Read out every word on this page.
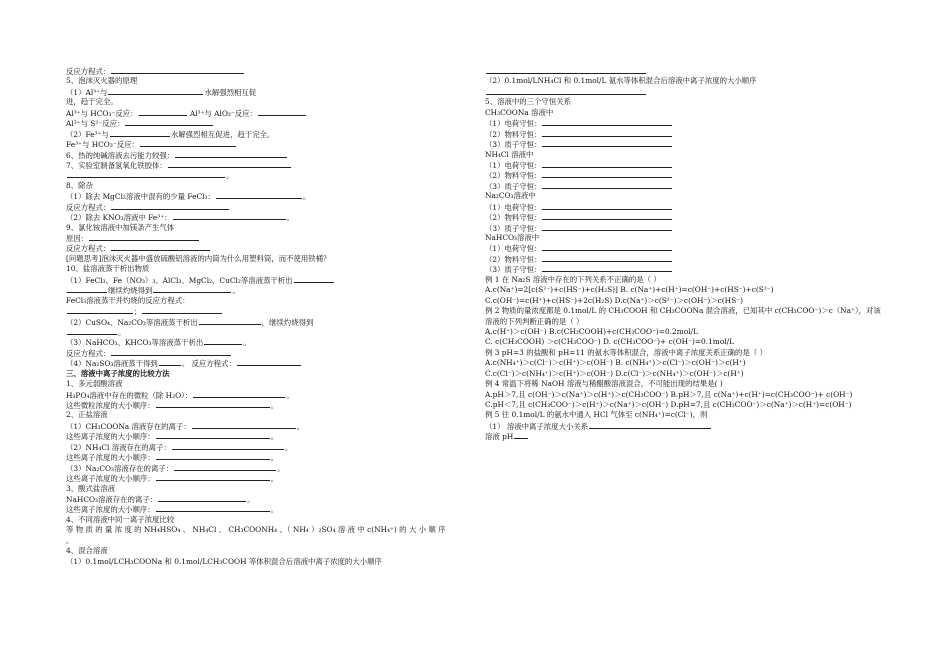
反应方程式：
5、泡沫灭火器的原理
（1）Al³⁺与	水解强烈相互促
进，趋于完全。
Al³⁺与 HCO₃⁻反应：	Al³⁺与 AlO₂⁻反应：
Al³⁺与 S²⁻反应：
（2）Fe³⁺与	水解强烈相互促进，趋于完全。
Fe³⁺与 HCO₃⁻反应：
6、热的纯碱溶液去污能力较强：
7、实验室制备氢氧化铁胶体：
。
8、除杂
（1）除去 MgCl₂溶液中混有的少量 FeCl₃：	。
反应方程式：
（2）除去 KNO₃溶液中 Fe³⁺：	。
9、氯化铵溶液中加镁条产生气体
原因：
反应方程式：
[问题思考]泡沫灭火器中盛放硫酸铝溶液的内筒为什么用塑料筒，而不使用铁桶？
10、盐溶液蒸干析出物质
（1）FeCl₃、Fe（NO₃）₃、AlCl₃、MgCl₂、CuCl₂等溶液蒸干析出
继续灼烧得到	。
FeCl₃溶液蒸干并灼烧的反应方程式：
；
（2）CuSO₄、Na₂CO₃等溶液蒸干析出	，继续灼烧得到
。
（3）NaHCO₃、KHCO₃等溶液蒸干析出	。
反应方程式：
（4）Na₂SO₃溶液蒸干得到	。 反应方程式：
三、溶液中离子浓度的比较方法
1、多元弱酸溶液
H₃PO₄溶液中存在的微粒（除 H₂O）：	。
这些微粒浓度的大小顺序：	。
2、正盐溶液
（1）CH₃COONa 溶液存在的离子：	。
这些离子浓度的大小顺序：	。
（2）NH₄Cl 溶液存在的离子：	。
这些离子浓度的大小顺序：	。
（3）Na₂CO₃溶液存在的离子：	。
这些离子浓度的大小顺序：	。
3、酸式盐溶液
NaHCO₃溶液存在的离子：	。
这些离子浓度的大小顺序：	。
4、不同溶液中同一离子浓度比较
等 物 质 的 量 浓 度 的 NH₄HSO₄ 、 NH₄Cl 、 CH₃COONH₄ 、（ NH₄ ）₂SO₄ 溶 液 中 c(NH₄⁺) 的 大 小 顺 序
。
4、混合溶液
（1）0.1mol/LCH₃COONa 和 0.1mol/LCH₃COOH 等体积混合后溶液中离子浓度的大小顺序
（2）0.1mol/LNH₄Cl 和 0.1mol/L 氨水等体积混合后溶液中离子浓度的大小顺序
5、溶液中的三个守恒关系
CH₃COONa 溶液中
（1）电荷守恒：
（2）物料守恒：
（3）质子守恒：
NH₄Cl 溶液中
（1）电荷守恒：
（2）物料守恒：
（3）质子守恒：
Na₂CO₃溶液中
（1）电荷守恒：
（2）物料守恒：
（3）质子守恒：
NaHCO₃溶液中
（1）电荷守恒：
（2）物料守恒：
（3）质子守恒：
例 1 在 Na₂S 溶液中存在的下列关系不正确的是（ ）
A.c(Na⁺)=2[c(S²⁻)+c(HS⁻)+c(H₂S)] B. c(Na⁺)+c(H⁺)=c(OH⁻)+c(HS⁻)+c(S²⁻)
C.c(OH⁻)=c(H⁺)+c(HS⁻)+2c(H₂S) D.c(Na⁺)＞c(S²⁻)＞c(OH⁻)＞c(HS⁻)
例 2 物质的量浓度都是 0.1mol/L 的 CH₃COOH 和 CH₃COONa 混合溶液，已知其中 c(CH₃COO⁻)＞c（Na⁺），对该
溶液的下列判断正确的是（ ）
A.c(H⁺)＞c(OH⁻) B.c(CH₃COOH)+c(CH₃COO⁻)=0.2mol/L
C. c(CH₃COOH) ＞c(CH₃COO⁻) D. c(CH₃COO⁻)+ c(OH⁻)=0.1mol/L
例 3 pH=3 的盐酸和 pH=11 的氨水等体积混合，溶液中离子浓度关系正确的是（ ）
A.c(NH₄⁺)＞c(Cl⁻)＞c(H⁺)＞c(OH⁻) B. c(NH₄⁺)＞c(Cl⁻)＞c(OH⁻)＞c(H⁺)
C.c(Cl⁻)＞c(NH₄⁺)＞c(H⁺)＞c(OH⁻) D.c(Cl⁻)＞c(NH₄⁺)＞c(OH⁻)＞c(H⁺)
例 4 常温下将稀 NaOH 溶液与稀醋酸溶液混合，不可能出现的结果是( )
A.pH＞7,且 c(OH⁻)＞c(Na⁺)＞c(H⁺)＞c(CH₃COO⁻) B.pH＞7,且 c(Na⁺)+c(H⁺)=c(CH₃COO⁻)+ c(OH⁻)
C.pH＜7,且 c(CH₃COO⁻)＞c(H⁺)＞c(Na⁺)＞c(OH⁻) D.pH=7,且 c(CH₃COO⁻)＞c(Na⁺)＞c(H⁺)=c(OH⁻)
例 5 往 0.1mol/L 的氨水中通入 HCl 气体至 c(NH₄⁺)=c(Cl⁻)，则
（1） 溶液中离子浓度大小关系
溶液 pH
